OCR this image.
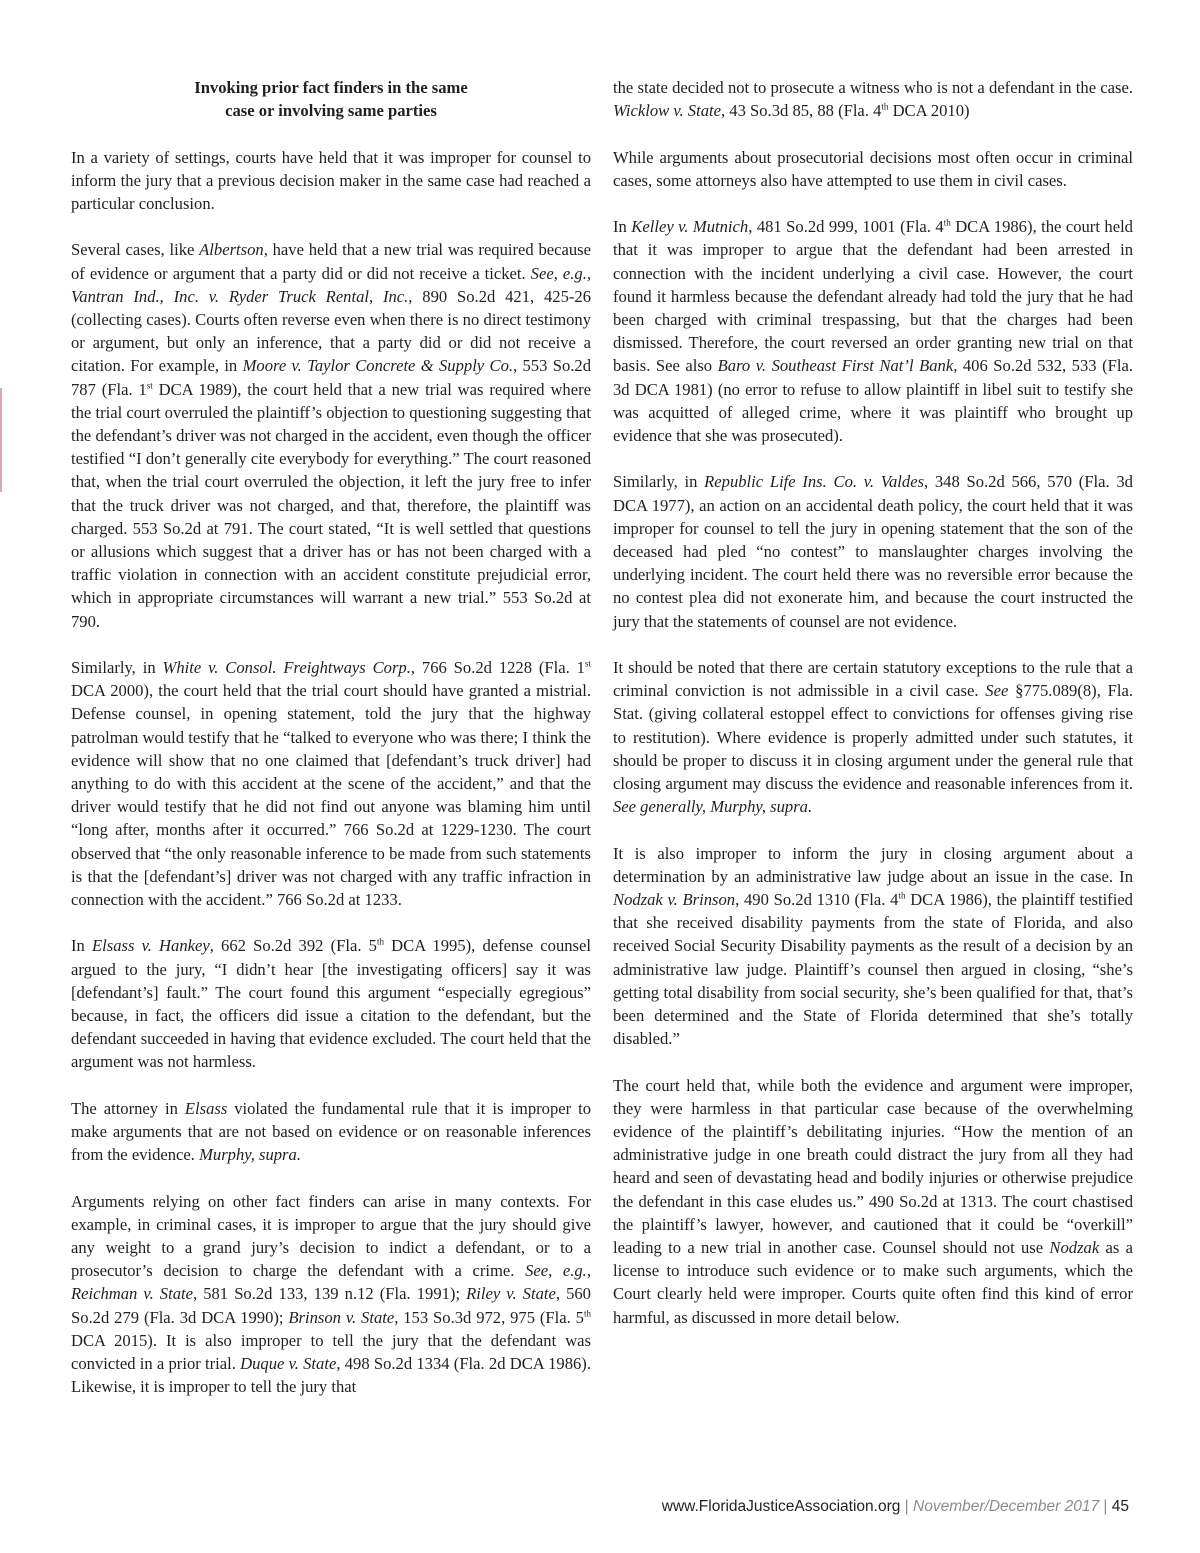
Invoking prior fact finders in the same
case or involving same parties

In a variety of settings, courts have held that it was improper for counsel to inform the jury that a previous decision maker in the same case had reached a particular conclusion.

Several cases, like Albertson, have held that a new trial was required because of evidence or argument that a party did or did not receive a ticket. See, e.g., Vantran Ind., Inc. v. Ryder Truck Rental, Inc., 890 So.2d 421, 425-26 (collecting cases). Courts often reverse even when there is no direct testimony or argument, but only an inference, that a party did or did not receive a citation. For example, in Moore v. Taylor Concrete & Supply Co., 553 So.2d 787 (Fla. 1st DCA 1989), the court held that a new trial was required where the trial court overruled the plaintiff’s objection to questioning suggesting that the defendant’s driver was not charged in the accident, even though the officer testified “I don’t generally cite everybody for everything.” The court reasoned that, when the trial court overruled the objection, it left the jury free to infer that the truck driver was not charged, and that, therefore, the plaintiff was charged. 553 So.2d at 791. The court stated, “It is well settled that questions or allusions which suggest that a driver has or has not been charged with a traffic violation in connection with an accident constitute prejudicial error, which in appropriate circumstances will warrant a new trial.” 553 So.2d at 790.

Similarly, in White v. Consol. Freightways Corp., 766 So.2d 1228 (Fla. 1st DCA 2000), the court held that the trial court should have granted a mistrial. Defense counsel, in opening statement, told the jury that the highway patrolman would testify that he “talked to everyone who was there; I think the evidence will show that no one claimed that [defendant’s truck driver] had anything to do with this accident at the scene of the accident,” and that the driver would testify that he did not find out anyone was blaming him until “long after, months after it occurred.” 766 So.2d at 1229-1230. The court observed that “the only reasonable inference to be made from such statements is that the [defendant’s] driver was not charged with any traffic infraction in connection with the accident.” 766 So.2d at 1233.

In Elsass v. Hankey, 662 So.2d 392 (Fla. 5th DCA 1995), defense counsel argued to the jury, “I didn’t hear [the investigating officers] say it was [defendant’s] fault.” The court found this argument “especially egregious” because, in fact, the officers did issue a citation to the defendant, but the defendant succeeded in having that evidence excluded. The court held that the argument was not harmless.

The attorney in Elsass violated the fundamental rule that it is improper to make arguments that are not based on evidence or on reasonable inferences from the evidence. Murphy, supra.

Arguments relying on other fact finders can arise in many contexts. For example, in criminal cases, it is improper to argue that the jury should give any weight to a grand jury’s decision to indict a defendant, or to a prosecutor’s decision to charge the defendant with a crime. See, e.g., Reichman v. State, 581 So.2d 133, 139 n.12 (Fla. 1991); Riley v. State, 560 So.2d 279 (Fla. 3d DCA 1990); Brinson v. State, 153 So.3d 972, 975 (Fla. 5th DCA 2015). It is also improper to tell the jury that the defendant was convicted in a prior trial. Duque v. State, 498 So.2d 1334 (Fla. 2d DCA 1986). Likewise, it is improper to tell the jury that

the state decided not to prosecute a witness who is not a defendant in the case. Wicklow v. State, 43 So.3d 85, 88 (Fla. 4th DCA 2010)

While arguments about prosecutorial decisions most often occur in criminal cases, some attorneys also have attempted to use them in civil cases.

In Kelley v. Mutnich, 481 So.2d 999, 1001 (Fla. 4th DCA 1986), the court held that it was improper to argue that the defendant had been arrested in connection with the incident underlying a civil case. However, the court found it harmless because the defendant already had told the jury that he had been charged with criminal trespassing, but that the charges had been dismissed. Therefore, the court reversed an order granting new trial on that basis. See also Baro v. Southeast First Nat’l Bank, 406 So.2d 532, 533 (Fla. 3d DCA 1981) (no error to refuse to allow plaintiff in libel suit to testify she was acquitted of alleged crime, where it was plaintiff who brought up evidence that she was prosecuted).

Similarly, in Republic Life Ins. Co. v. Valdes, 348 So.2d 566, 570 (Fla. 3d DCA 1977), an action on an accidental death policy, the court held that it was improper for counsel to tell the jury in opening statement that the son of the deceased had pled “no contest” to manslaughter charges involving the underlying incident. The court held there was no reversible error because the no contest plea did not exonerate him, and because the court instructed the jury that the statements of counsel are not evidence.

It should be noted that there are certain statutory exceptions to the rule that a criminal conviction is not admissible in a civil case. See §775.089(8), Fla. Stat. (giving collateral estoppel effect to convictions for offenses giving rise to restitution). Where evidence is properly admitted under such statutes, it should be proper to discuss it in closing argument under the general rule that closing argument may discuss the evidence and reasonable inferences from it. See generally, Murphy, supra.

It is also improper to inform the jury in closing argument about a determination by an administrative law judge about an issue in the case. In Nodzak v. Brinson, 490 So.2d 1310 (Fla. 4th DCA 1986), the plaintiff testified that she received disability payments from the state of Florida, and also received Social Security Disability payments as the result of a decision by an administrative law judge. Plaintiff’s counsel then argued in closing, “she’s getting total disability from social security, she’s been qualified for that, that’s been determined and the State of Florida determined that she’s totally disabled.”

The court held that, while both the evidence and argument were improper, they were harmless in that particular case because of the overwhelming evidence of the plaintiff’s debilitating injuries. “How the mention of an administrative judge in one breath could distract the jury from all they had heard and seen of devastating head and bodily injuries or otherwise prejudice the defendant in this case eludes us.” 490 So.2d at 1313. The court chastised the plaintiff’s lawyer, however, and cautioned that it could be “overkill” leading to a new trial in another case. Counsel should not use Nodzak as a license to introduce such evidence or to make such arguments, which the Court clearly held were improper. Courts quite often find this kind of error harmful, as discussed in more detail below.

www.FloridaJusticeAssociation.org | November/December 2017 | 45
